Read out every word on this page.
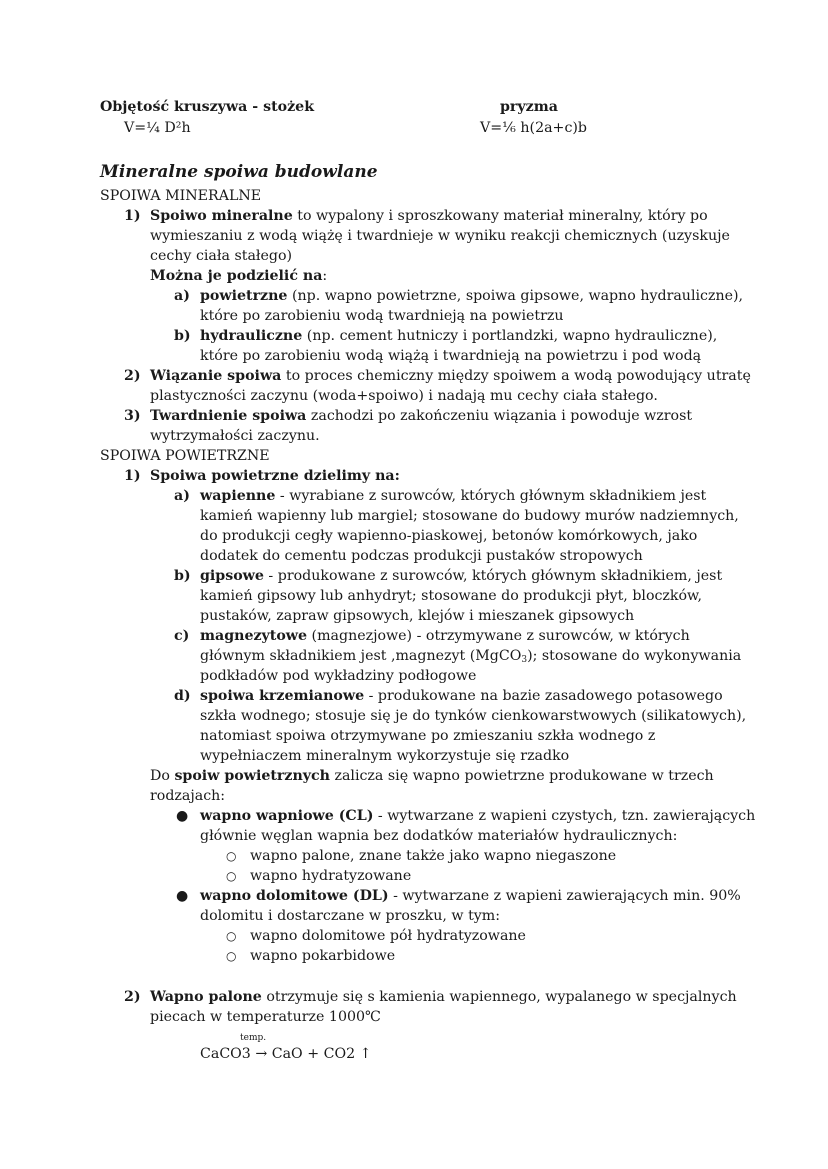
Objętość kruszywa - stożek
V=¼ D²h
pryzma
V=⅙ h(2a+c)b
Mineralne spoiwa budowlane
SPOIWA MINERALNE
1) Spoiwo mineralne to wypalony i sproszkowany materiał mineralny, który po
wymieszaniu z wodą wiążę i twardnieje w wyniku reakcji chemicznych (uzyskuje
cechy ciała stałego)
Można je podzielić na:
a) powietrzne (np. wapno powietrzne, spoiwa gipsowe, wapno hydrauliczne),
które po zarobieniu wodą twardnieją na powietrzu
b) hydrauliczne (np. cement hutniczy i portlandzki, wapno hydrauliczne),
które po zarobieniu wodą wiążą i twardnieją na powietrzu i pod wodą
2) Wiązanie spoiwa to proces chemiczny między spoiwem a wodą powodujący utratę
plastyczności zaczynu (woda+spoiwo) i nadają mu cechy ciała stałego.
3) Twardnienie spoiwa zachodzi po zakończeniu wiązania i powoduje wzrost
wytrzymałości zaczynu.
SPOIWA POWIETRZNE
1) Spoiwa powietrzne dzielimy na:
a) wapienne - wyrabiane z surowców, których głównym składnikiem jest
kamień wapienny lub margiel; stosowane do budowy murów nadziemnych,
do produkcji cegły wapienno-piaskowej, betonów komórkowych, jako
dodatek do cementu podczas produkcji pustaków stropowych
b) gipsowe - produkowane z surowców, których głównym składnikiem, jest
kamień gipsowy lub anhydryt; stosowane do produkcji płyt, bloczków,
pustaków, zapraw gipsowych, klejów i mieszanek gipsowych
c) magnezytowe (magnezjowe) - otrzymywane z surowców, w których
głównym składnikiem jest ,magnezyt (MgCO$_3$); stosowane do wykonywania
podkładów pod wykładziny podłogowe
d) spoiwa krzemianowe - produkowane na bazie zasadowego potasowego
szkła wodnego; stosuje się je do tynków cienkowarstwowych (silikatowych),
natomiast spoiwa otrzymywane po zmieszaniu szkła wodnego z
wypełniaczem mineralnym wykorzystuje się rzadko
Do spoiw powietrznych zalicza się wapno powietrzne produkowane w trzech
rodzajach:
● wapno wapniowe (CL) - wytwarzane z wapieni czystych, tzn. zawierających
głównie węglan wapnia bez dodatków materiałów hydraulicznych:
○ wapno palone, znane także jako wapno niegaszone
○ wapno hydratyzowane
● wapno dolomitowe (DL) - wytwarzane z wapieni zawierających min. 90%
dolomitu i dostarczane w proszku, w tym:
○ wapno dolomitowe pół hydratyzowane
○ wapno pokarbidowe
2) Wapno palone otrzymuje się s kamienia wapiennego, wypalanego w specjalnych
piecach w temperaturze 1000℃
temp.
CaCO3 → CaO + CO2 ↑
